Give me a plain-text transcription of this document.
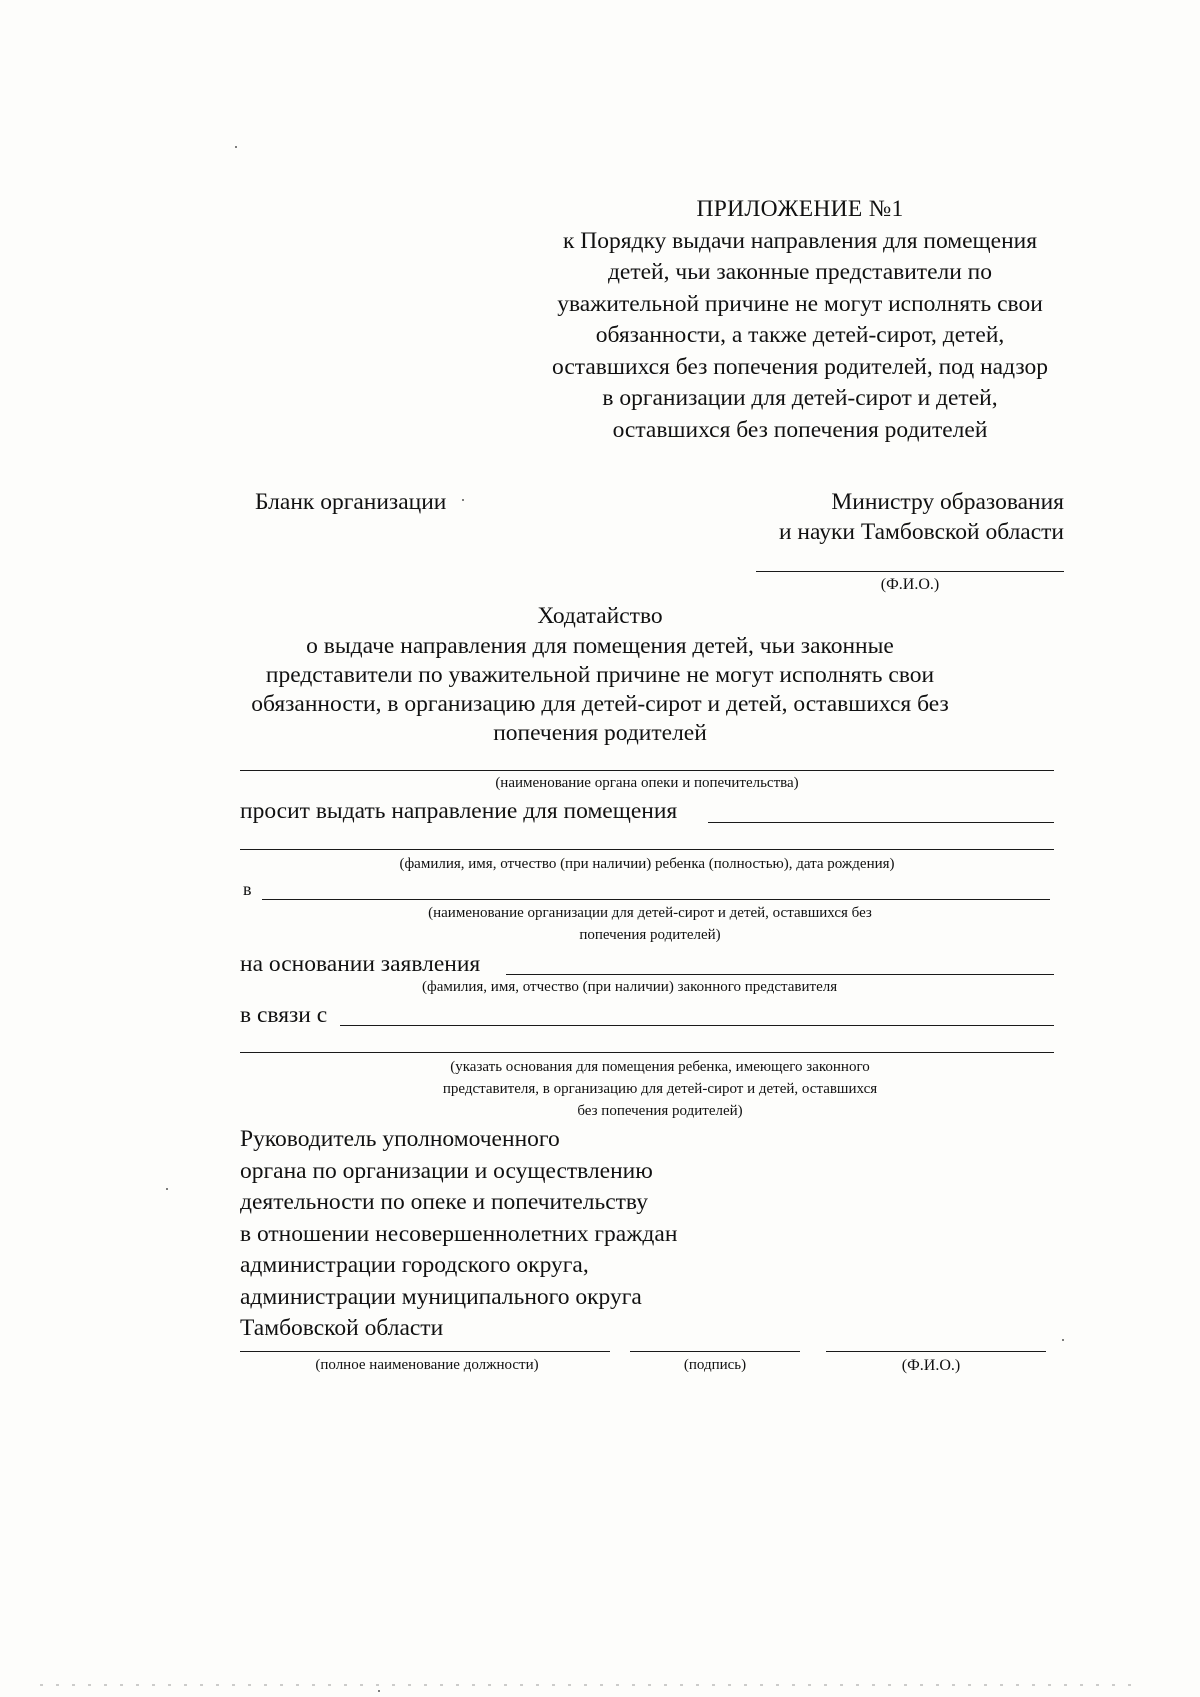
ПРИЛОЖЕНИЕ №1
к Порядку выдачи направления для помещения
детей, чьи законные представители по
уважительной причине не могут исполнять свои
обязанности, а также детей-сирот, детей,
оставшихся без попечения родителей, под надзор
в организации для детей-сирот и детей,
оставшихся без попечения родителей
Бланк организации	Министру образования
и науки Тамбовской области
(Ф.И.О.)
Ходатайство
о выдаче направления для помещения детей, чьи законные
представители по уважительной причине не могут исполнять свои
обязанности, в организацию для детей-сирот и детей, оставшихся без
попечения родителей
(наименование органа опеки и попечительства)
просит выдать направление для помещения
(фамилия, имя, отчество (при наличии) ребенка (полностью), дата рождения)
в
(наименование организации для детей-сирот и детей, оставшихся без
попечения родителей)
на основании заявления
(фамилия, имя, отчество (при наличии) законного представителя
в связи с
(указать основания для помещения ребенка, имеющего законного
представителя, в организацию для детей-сирот и детей, оставшихся
без попечения родителей)
Руководитель уполномоченного
органа по организации и осуществлению
деятельности по опеке и попечительству
в отношении несовершеннолетних граждан
администрации городского округа,
администрации муниципального округа
Тамбовской области
(полное наименование должности)	(подпись)	(Ф.И.О.)
